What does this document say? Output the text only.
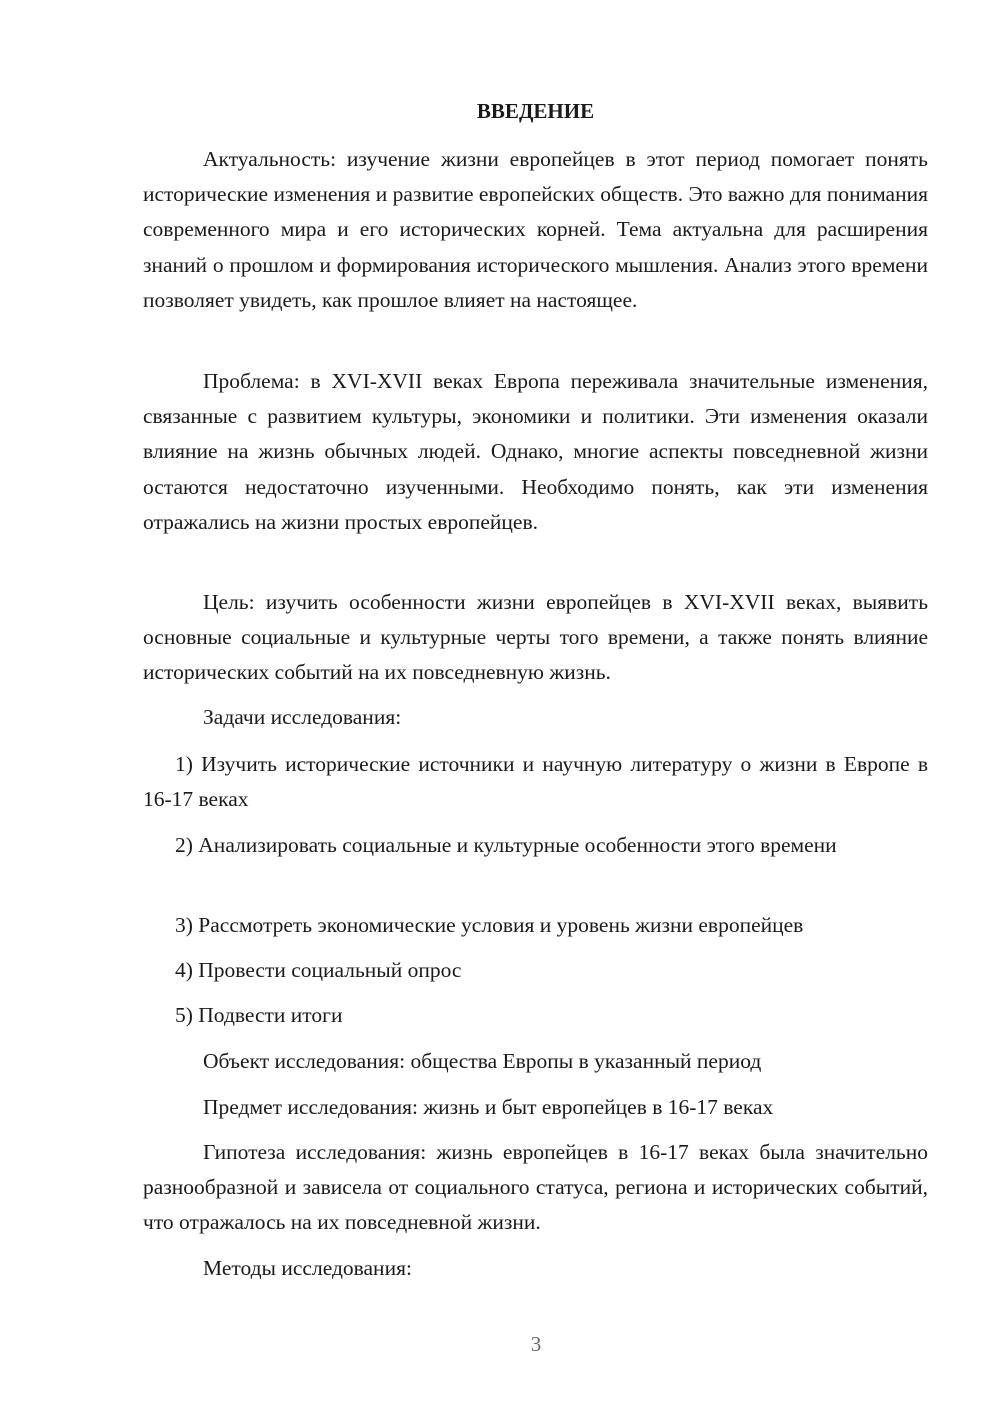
ВВЕДЕНИЕ

Актуальность: изучение жизни европейцев в этот период помогает понять исторические изменения и развитие европейских обществ. Это важно для понимания современного мира и его исторических корней. Тема актуальна для расширения знаний о прошлом и формирования исторического мышления. Анализ этого времени позволяет увидеть, как прошлое влияет на настоящее.

Проблема: в XVI-XVII веках Европа переживала значительные изменения, связанные с развитием культуры, экономики и политики. Эти изменения оказали влияние на жизнь обычных людей. Однако, многие аспекты повседневной жизни остаются недостаточно изученными. Необходимо понять, как эти изменения отражались на жизни простых европейцев.

Цель: изучить особенности жизни европейцев в XVI-XVII веках, выявить основные социальные и культурные черты того времени, а также понять влияние исторических событий на их повседневную жизнь.

Задачи исследования:

1) Изучить исторические источники и научную литературу о жизни в Европе в 16-17 веках

2) Анализировать социальные и культурные особенности этого времени

3) Рассмотреть экономические условия и уровень жизни европейцев

4) Провести социальный опрос

5) Подвести итоги

Объект исследования: общества Европы в указанный период

Предмет исследования: жизнь и быт европейцев в 16-17 веках

Гипотеза исследования: жизнь европейцев в 16-17 веках была значительно разнообразной и зависела от социального статуса, региона и исторических событий, что отражалось на их повседневной жизни.

Методы исследования:

3
